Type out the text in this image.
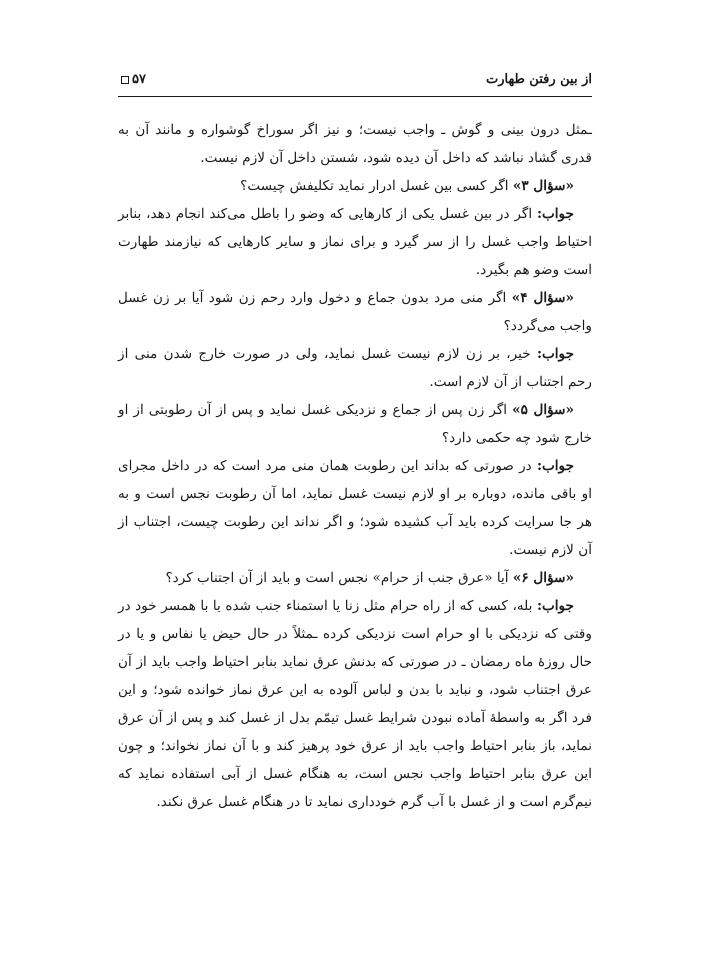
از بین رفتن طهارت
۵۷

ـمثل درون بینی و گوش ـ واجب نیست؛ و نیز اگر سوراخ گوشواره و مانند آن به قدری گشاد نباشد که داخل آن دیده شود، شستن داخل آن لازم نیست.

«سؤال ۳» اگر کسی بین غسل ادرار نماید تکلیفش چیست؟

جواب: اگر در بین غسل یکی از کارهایی که وضو را باطل می‌کند انجام دهد، بنابر احتیاط واجب غسل را از سر گیرد و برای نماز و سایر کارهایی که نیازمند طهارت است وضو هم بگیرد.

«سؤال ۴» اگر منی مرد بدون جماع و دخول وارد رحم زن شود آیا بر زن غسل واجب می‌گردد؟

جواب: خیر، بر زن لازم نیست غسل نماید، ولی در صورت خارج شدن منی از رحم اجتناب از آن لازم است.

«سؤال ۵» اگر زن پس از جماع و نزدیکی غسل نماید و پس از آن رطوبتی از او خارج شود چه حکمی دارد؟

جواب: در صورتی که بداند این رطوبت همان منی مرد است که در داخل مجرای او باقی مانده، دوباره بر او لازم نیست غسل نماید، اما آن رطوبت نجس است و به هر جا سرایت کرده باید آب کشیده شود؛ و اگر نداند این رطوبت چیست، اجتناب از آن لازم نیست.

«سؤال ۶» آیا «عرق جنب از حرام» نجس است و باید از آن اجتناب کرد؟

جواب: بله، کسی که از راه حرام مثل زنا یا استمناء جنب شده یا با همسر خود در وقتی که نزدیکی با او حرام است نزدیکی کرده ـمثلاً در حال حیض یا نفاس و یا در حال روزهٔ ماه رمضان ـ در صورتی که بدنش عرق نماید بنابر احتیاط واجب باید از آن عرق اجتناب شود، و نباید با بدن و لباس آلوده به این عرق نماز خوانده شود؛ و این فرد اگر به واسطهٔ آماده نبودن شرایط غسل تیمّم بدل از غسل کند و پس از آن عرق نماید، باز بنابر احتیاط واجب باید از عرق خود پرهیز کند و با آن نماز نخواند؛ و چون این عرق بنابر احتیاط واجب نجس است، به هنگام غسل از آبی استفاده نماید که نیم‌گرم است و از غسل با آب گرم خودداری نماید تا در هنگام غسل عرق نکند.
